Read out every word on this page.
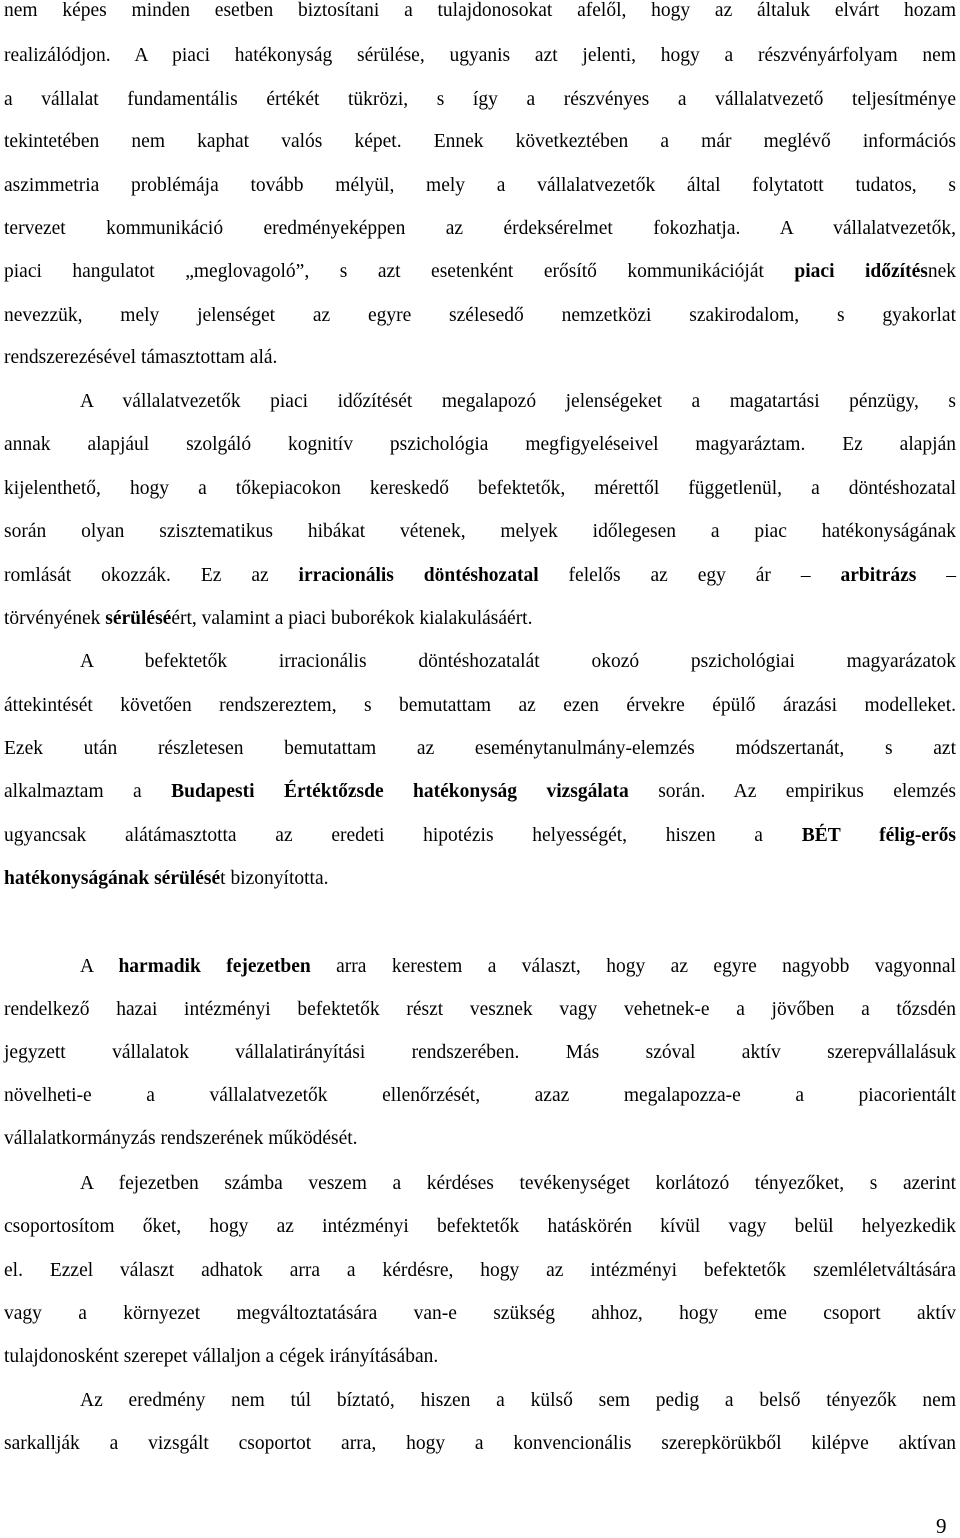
nem képes minden esetben biztosítani a tulajdonosokat afelől, hogy az általuk elvárt hozam
realizálódjon. A piaci hatékonyság sérülése, ugyanis azt jelenti, hogy a részvényárfolyam nem
a vállalat fundamentális értékét tükrözi, s így a részvényes a vállalatvezető teljesítménye
tekintetében nem kaphat valós képet. Ennek következtében a már meglévő információs
aszimmetria problémája tovább mélyül, mely a vállalatvezetők által folytatott tudatos, s
tervezet kommunikáció eredményeképpen az érdeksérelmet fokozhatja. A vállalatvezetők,
piaci hangulatot „meglovagoló”, s azt esetenként erősítő kommunikációját piaci időzítésnek
nevezzük, mely jelenséget az egyre szélesedő nemzetközi szakirodalom, s gyakorlat
rendszerezésével támasztottam alá.
A vállalatvezetők piaci időzítését megalapozó jelenségeket a magatartási pénzügy, s
annak alapjául szolgáló kognitív pszichológia megfigyeléseivel magyaráztam. Ez alapján
kijelenthető, hogy a tőkepiacokon kereskedő befektetők, mérettől függetlenül, a döntéshozatal
során olyan szisztematikus hibákat vétenek, melyek időlegesen a piac hatékonyságának
romlását okozzák. Ez az irracionális döntéshozatal felelős az egy ár – arbitrázs –
törvényének sérüléséért, valamint a piaci buborékok kialakulásáért.
A befektetők irracionális döntéshozatalát okozó pszichológiai magyarázatok
áttekintését követően rendszereztem, s bemutattam az ezen érvekre épülő árazási modelleket.
Ezek után részletesen bemutattam az eseménytanulmány-elemzés módszertanát, s azt
alkalmaztam a Budapesti Értéktőzsde hatékonyság vizsgálata során. Az empirikus elemzés
ugyancsak alátámasztotta az eredeti hipotézis helyességét, hiszen a BÉT félig-erős
hatékonyságának sérülését bizonyította.
A harmadik fejezetben arra kerestem a választ, hogy az egyre nagyobb vagyonnal
rendelkező hazai intézményi befektetők részt vesznek vagy vehetnek-e a jövőben a tőzsdén
jegyzett vállalatok vállalatirányítási rendszerében. Más szóval aktív szerepvállalásuk
növelheti-e a vállalatvezetők ellenőrzését, azaz megalapozza-e a piacorientált
vállalatkormányzás rendszerének működését.
A fejezetben számba veszem a kérdéses tevékenységet korlátozó tényezőket, s azerint
csoportosítom őket, hogy az intézményi befektetők hatáskörén kívül vagy belül helyezkedik
el. Ezzel választ adhatok arra a kérdésre, hogy az intézményi befektetők szemléletváltására
vagy a környezet megváltoztatására van-e szükség ahhoz, hogy eme csoport aktív
tulajdonosként szerepet vállaljon a cégek irányításában.
Az eredmény nem túl bíztató, hiszen a külső sem pedig a belső tényezők nem
sarkallják a vizsgált csoportot arra, hogy a konvencionális szerepkörükből kilépve aktívan
9
